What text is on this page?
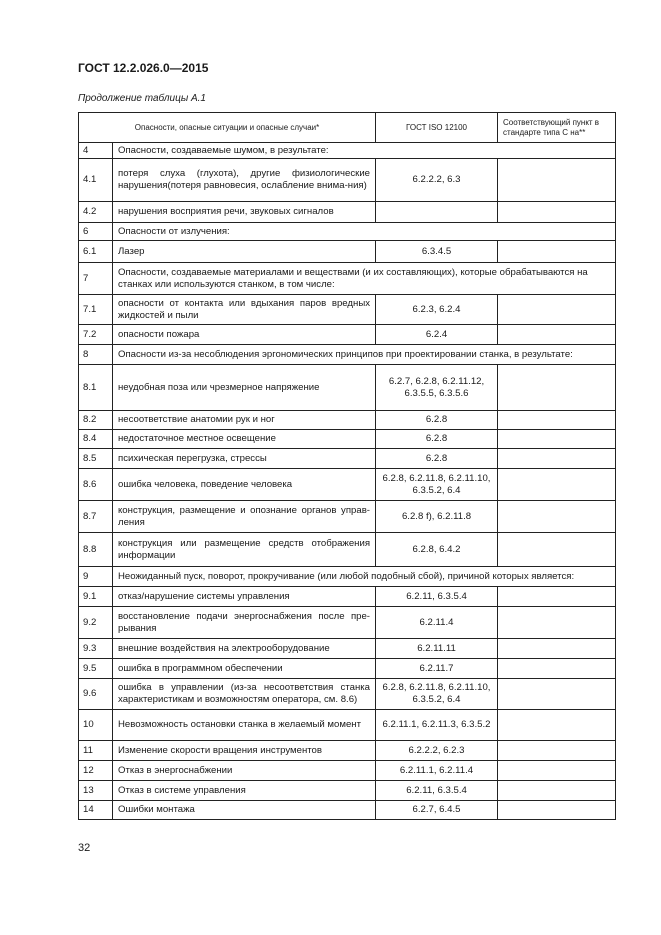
ГОСТ 12.2.026.0—2015
Продолжение таблицы А.1
Опасности, опасные ситуации и опасные случаи*		ГОСТ ISO 12100	Соответствующий пункт в стандарте типа С на**
4	Опасности, создаваемые шумом, в результате:		
4.1	потеря слуха (глухота), другие физиологические нарушения(потеря равновесия, ослабление внима-ния)	6.2.2.2, 6.3	
4.2	нарушения восприятия речи, звуковых сигналов		
6	Опасности от излучения:		
6.1	Лазер	6.3.4.5	
7	Опасности, создаваемые материалами и веществами (и их составляющих), которые обрабатываются на станках или используются станком, в том числе:		
7.1	опасности от контакта или вдыхания паров вредных жидкостей и пыли	6.2.3, 6.2.4	
7.2	опасности пожара	6.2.4	
8	Опасности из-за несоблюдения эргономических принципов при проектировании станка, в результате:		
8.1	неудобная поза или чрезмерное напряжение	6.2.7, 6.2.8, 6.2.11.12, 6.3.5.5, 6.3.5.6	
8.2	несоответствие анатомии рук и ног	6.2.8	
8.4	недостаточное местное освещение	6.2.8	
8.5	психическая перегрузка, стрессы	6.2.8	
8.6	ошибка человека, поведение человека	6.2.8, 6.2.11.8, 6.2.11.10, 6.3.5.2, 6.4	
8.7	конструкция, размещение и опознание органов управ-ления	6.2.8 f), 6.2.11.8	
8.8	конструкция или размещение средств отображения информации	6.2.8, 6.4.2	
9	Неожиданный пуск, поворот, прокручивание (или любой подобный сбой), причиной которых является:		
9.1	отказ/нарушение системы управления	6.2.11, 6.3.5.4	
9.2	восстановление подачи энергоснабжения после пре-рывания	6.2.11.4	
9.3	внешние воздействия на электрооборудование	6.2.11.11	
9.5	ошибка в программном обеспечении	6.2.11.7	
9.6	ошибка в управлении (из-за несоответствия станка характеристикам и возможностям оператора, см. 8.6)	6.2.8, 6.2.11.8, 6.2.11.10, 6.3.5.2, 6.4	
10	Невозможность остановки станка в желаемый момент	6.2.11.1, 6.2.11.3, 6.3.5.2	
11	Изменение скорости вращения инструментов	6.2.2.2, 6.2.3	
12	Отказ в энергоснабжении	6.2.11.1, 6.2.11.4	
13	Отказ в системе управления	6.2.11, 6.3.5.4	
14	Ошибки монтажа	6.2.7, 6.4.5	
32
